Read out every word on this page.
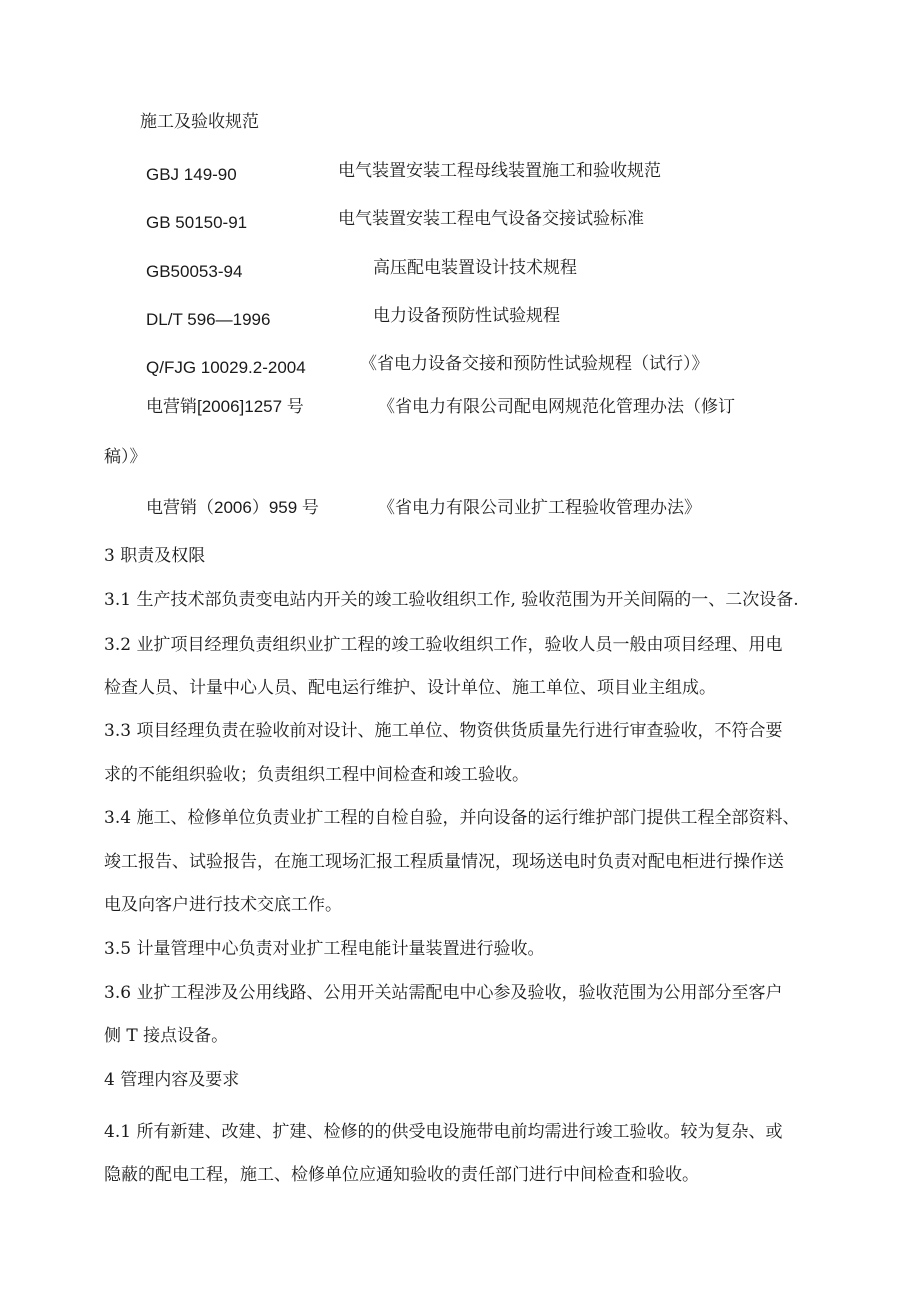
施工及验收规范
GBJ 149-90	电气装置安装工程母线装置施工和验收规范
GB 50150-91	电气装置安装工程电气设备交接试验标准
GB50053-94	高压配电装置设计技术规程
DL/T 596—1996	电力设备预防性试验规程
Q/FJG 10029.2-2004	《省电力设备交接和预防性试验规程（试行）》
电营销[2006]1257 号	《省电力有限公司配电网规范化管理办法（修订
稿）》
电营销（2006）959 号	《省电力有限公司业扩工程验收管理办法》
3 职责及权限
3.1 生产技术部负责变电站内开关的竣工验收组织工作, 验收范围为开关间隔的一、二次设备.
3.2 业扩项目经理负责组织业扩工程的竣工验收组织工作，验收人员一般由项目经理、用电
检查人员、计量中心人员、配电运行维护、设计单位、施工单位、项目业主组成。
3.3 项目经理负责在验收前对设计、施工单位、物资供货质量先行进行审查验收，不符合要
求的不能组织验收；负责组织工程中间检查和竣工验收。
3.4 施工、检修单位负责业扩工程的自检自验，并向设备的运行维护部门提供工程全部资料、
竣工报告、试验报告，在施工现场汇报工程质量情况，现场送电时负责对配电柜进行操作送
电及向客户进行技术交底工作。
3.5 计量管理中心负责对业扩工程电能计量装置进行验收。
3.6 业扩工程涉及公用线路、公用开关站需配电中心参及验收，验收范围为公用部分至客户
侧 T 接点设备。
4 管理内容及要求
4.1 所有新建、改建、扩建、检修的的供受电设施带电前均需进行竣工验收。较为复杂、或
隐蔽的配电工程，施工、检修单位应通知验收的责任部门进行中间检查和验收。
